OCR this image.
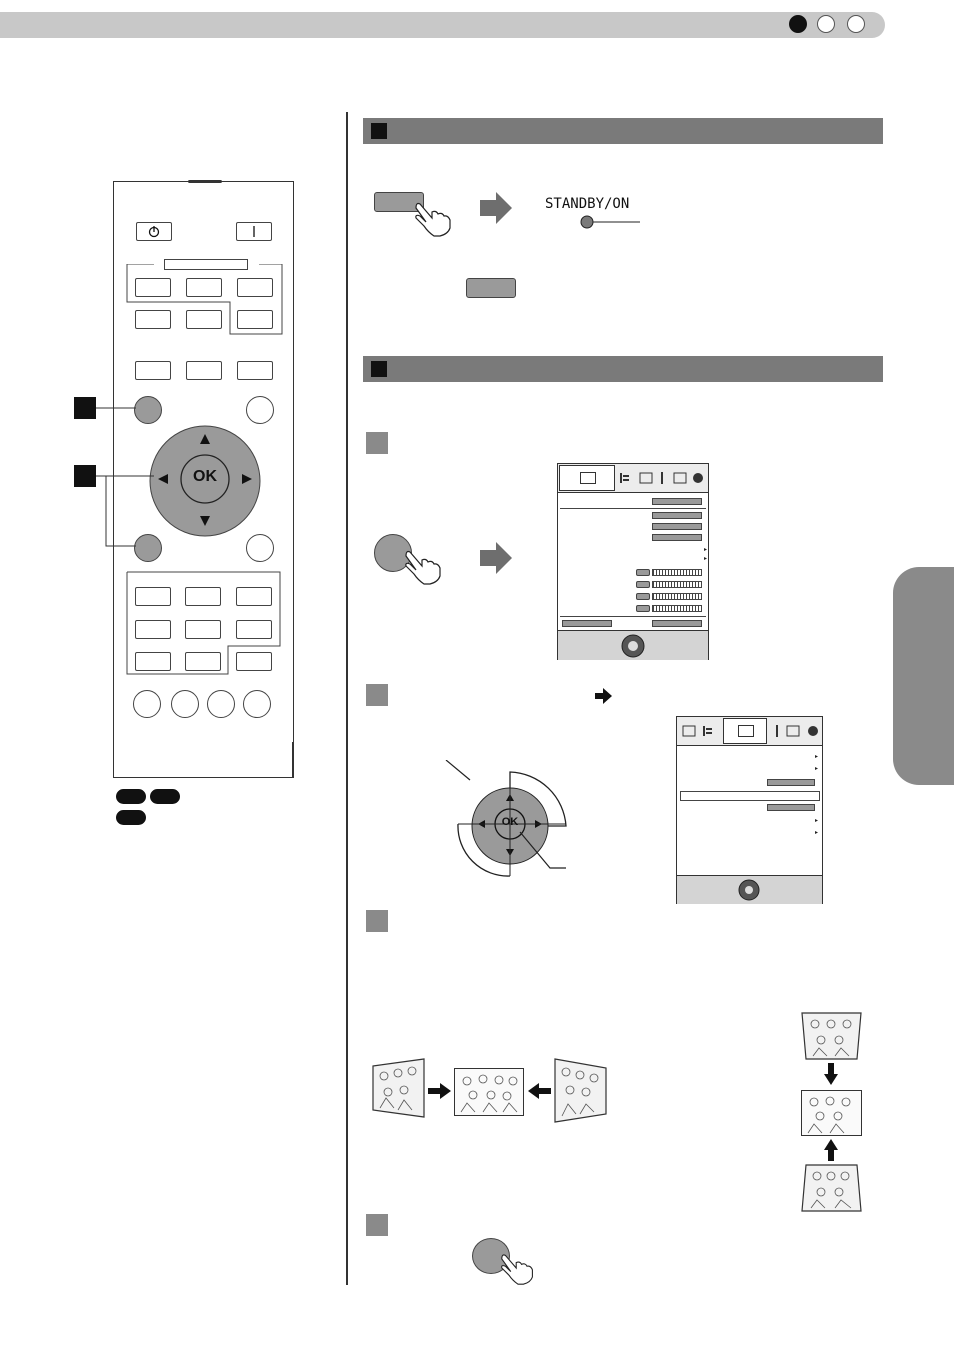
OK
STANDBY/ON
▸
▸
OK
▸
▸
▸
▸
